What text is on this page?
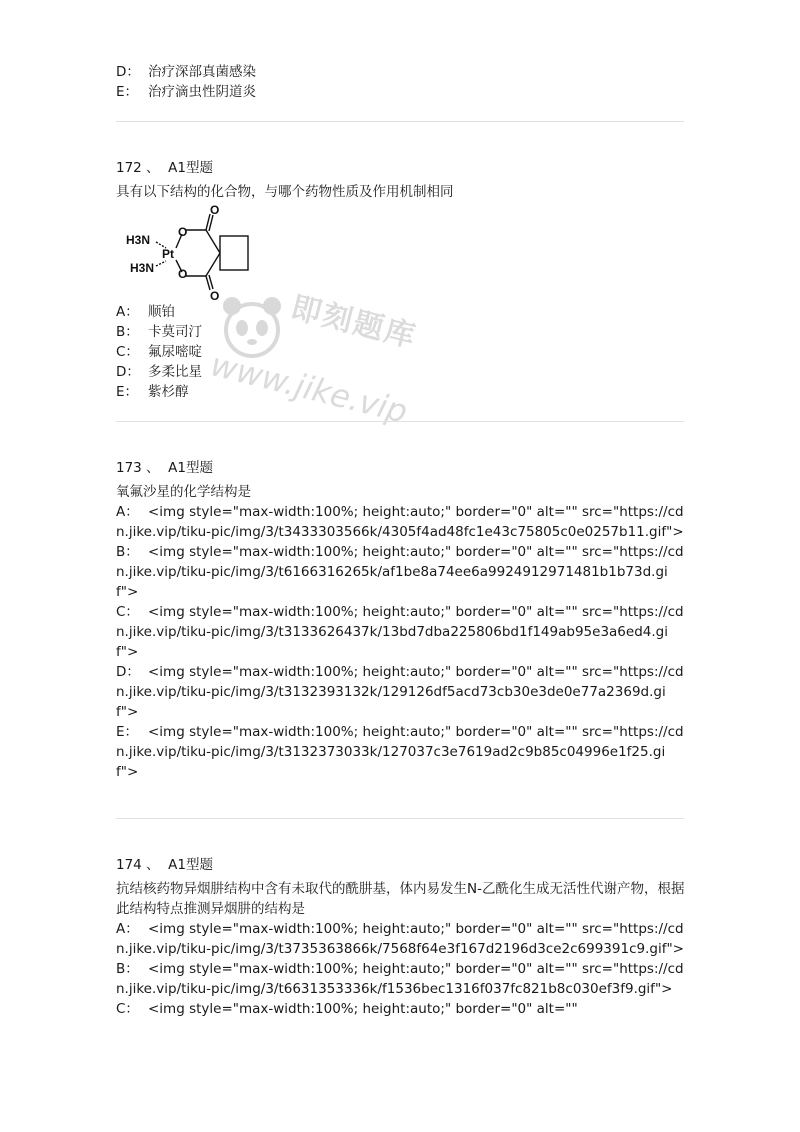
D： 治疗深部真菌感染
E： 治疗滴虫性阴道炎
172 、 A1型题
具有以下结构的化合物，与哪个药物性质及作用机制相同
H3N
H3N
Pt
O
O
O
O
A： 顺铂
B： 卡莫司汀
C： 氟尿嘧啶
D： 多柔比星
E： 紫杉醇
即刻题库
www.jike.vip
173 、 A1型题
氧氟沙星的化学结构是
A： <img style="max-width:100%; height:auto;" border="0" alt="" src="https://cdn.jike.vip/tiku-pic/img/3/t3433303566k/4305f4ad48fc1e43c75805c0e0257b11.gif">
B： <img style="max-width:100%; height:auto;" border="0" alt="" src="https://cdn.jike.vip/tiku-pic/img/3/t6166316265k/af1be8a74ee6a9924912971481b1b73d.gif">
C： <img style="max-width:100%; height:auto;" border="0" alt="" src="https://cdn.jike.vip/tiku-pic/img/3/t3133626437k/13bd7dba225806bd1f149ab95e3a6ed4.gif">
D： <img style="max-width:100%; height:auto;" border="0" alt="" src="https://cdn.jike.vip/tiku-pic/img/3/t3132393132k/129126df5acd73cb30e3de0e77a2369d.gif">
E： <img style="max-width:100%; height:auto;" border="0" alt="" src="https://cdn.jike.vip/tiku-pic/img/3/t3132373033k/127037c3e7619ad2c9b85c04996e1f25.gif">
174 、 A1型题
抗结核药物异烟肼结构中含有未取代的酰肼基，体内易发生N-乙酰化生成无活性代谢产物，根据此结构特点推测异烟肼的结构是
A： <img style="max-width:100%; height:auto;" border="0" alt="" src="https://cdn.jike.vip/tiku-pic/img/3/t3735363866k/7568f64e3f167d2196d3ce2c699391c9.gif">
B： <img style="max-width:100%; height:auto;" border="0" alt="" src="https://cdn.jike.vip/tiku-pic/img/3/t6631353336k/f1536bec1316f037fc821b8c030ef3f9.gif">
C： <img style="max-width:100%; height:auto;" border="0" alt=""
